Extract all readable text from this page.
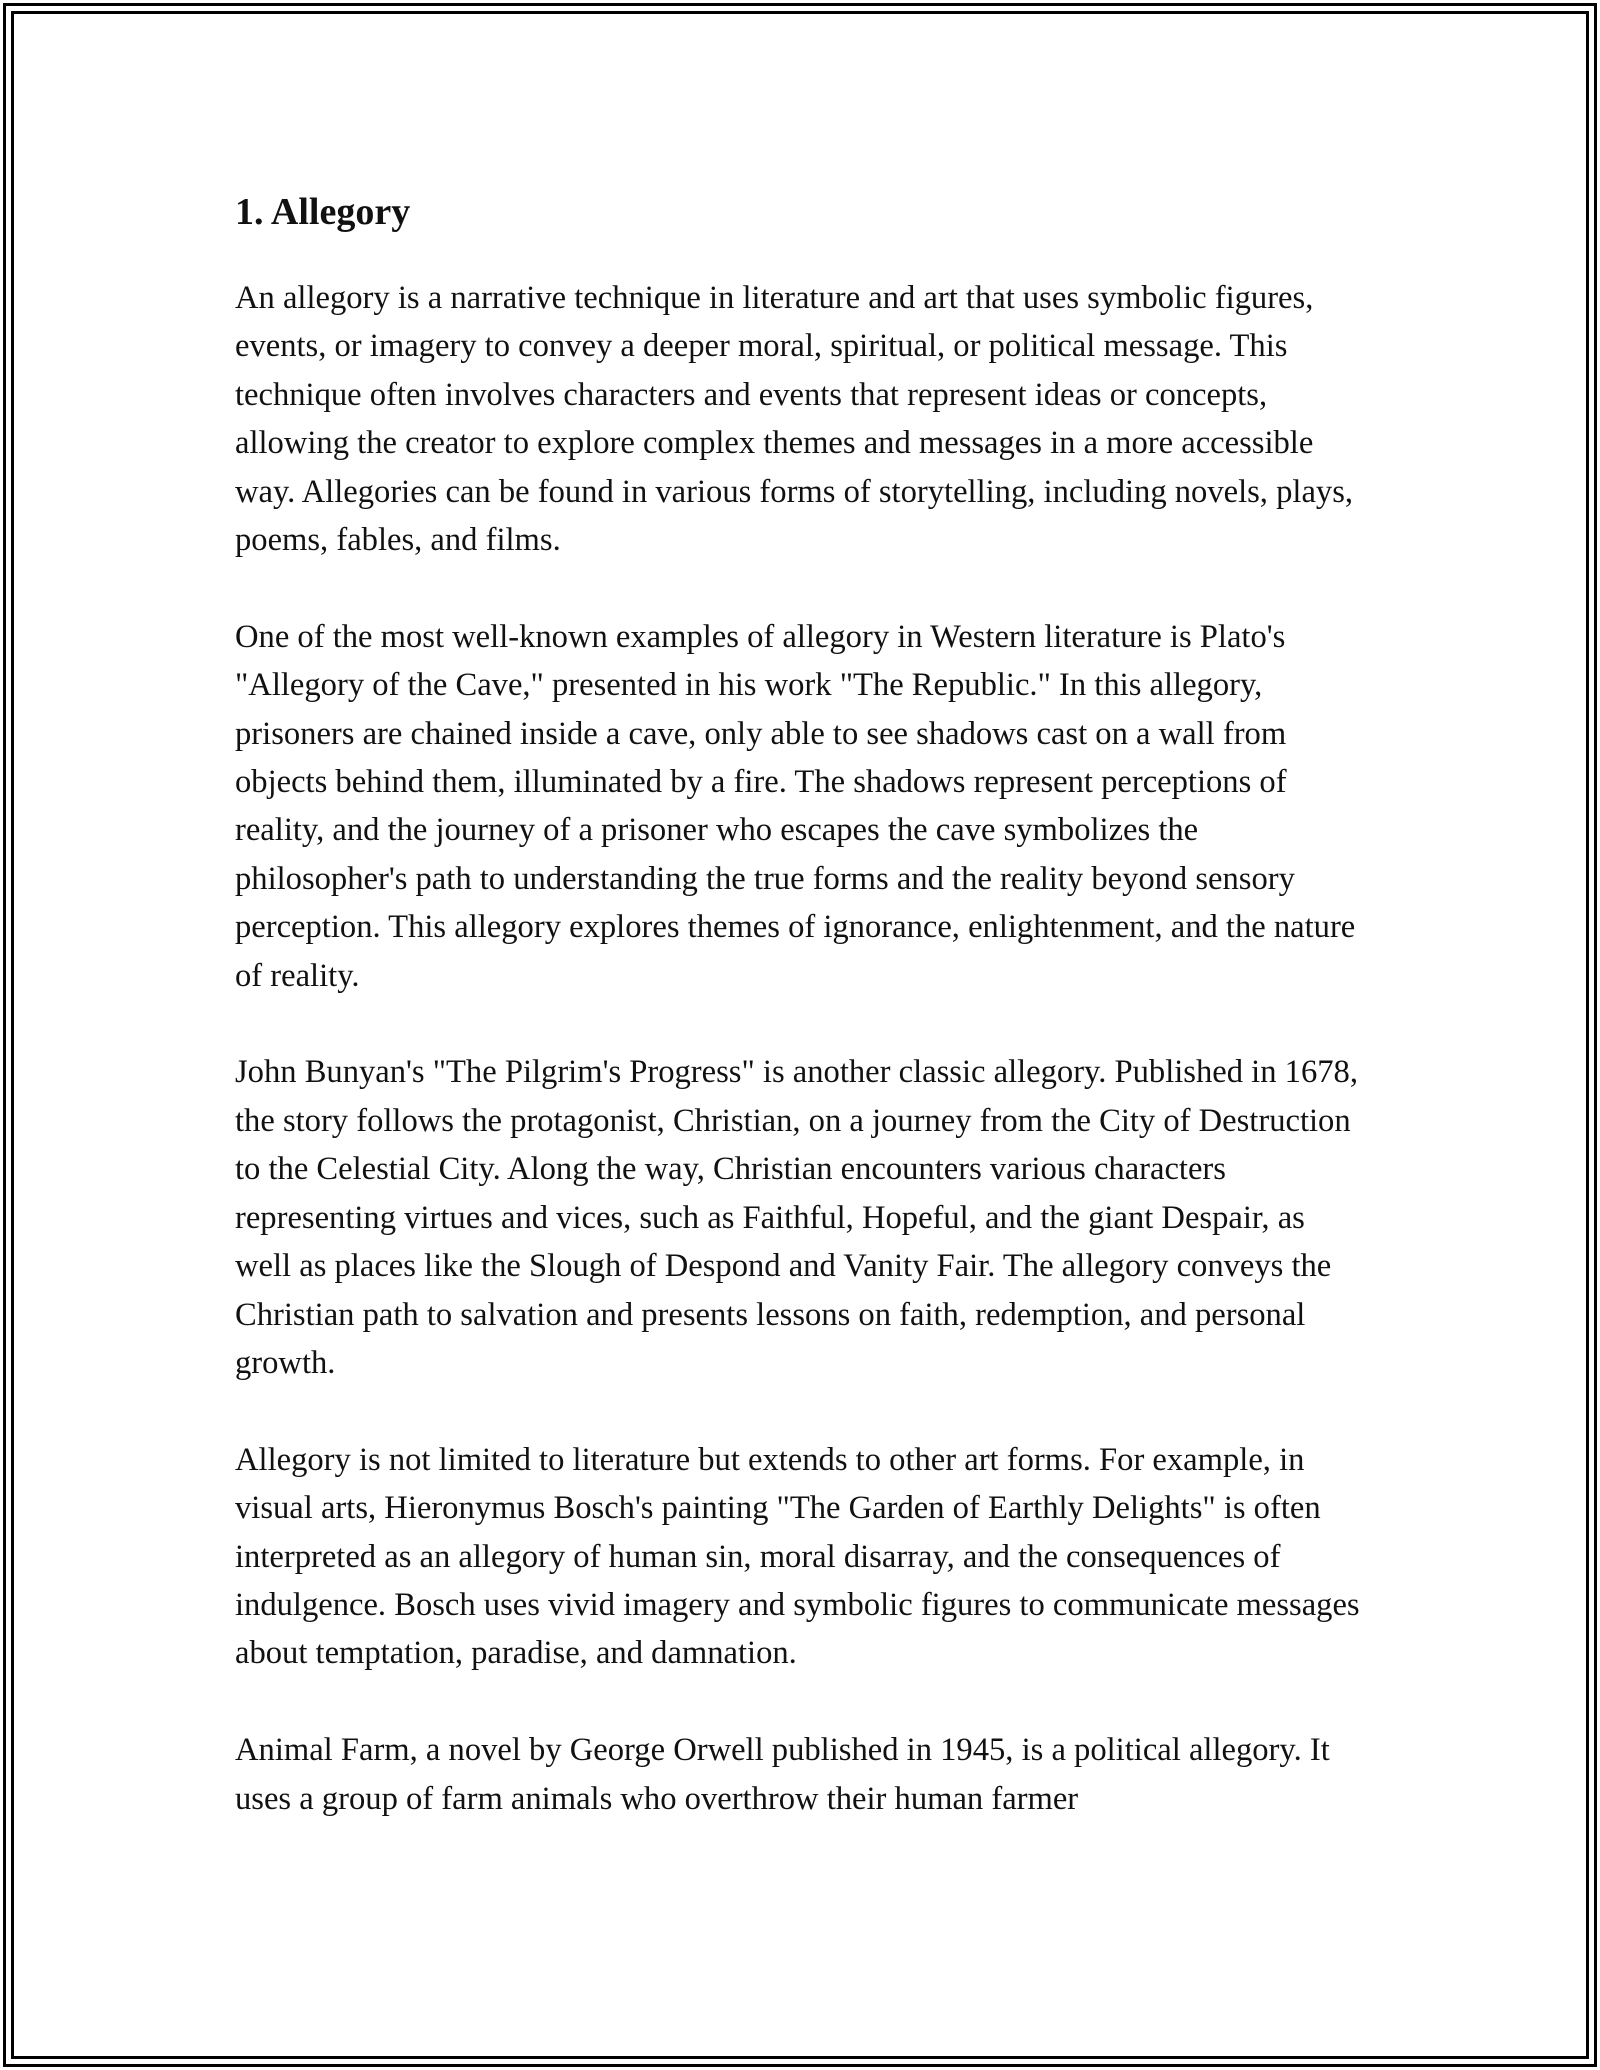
1. Allegory

An allegory is a narrative technique in literature and art that uses symbolic figures, events, or imagery to convey a deeper moral, spiritual, or political message. This technique often involves characters and events that represent ideas or concepts, allowing the creator to explore complex themes and messages in a more accessible way. Allegories can be found in various forms of storytelling, including novels, plays, poems, fables, and films.

One of the most well-known examples of allegory in Western literature is Plato's "Allegory of the Cave," presented in his work "The Republic." In this allegory, prisoners are chained inside a cave, only able to see shadows cast on a wall from objects behind them, illuminated by a fire. The shadows represent perceptions of reality, and the journey of a prisoner who escapes the cave symbolizes the philosopher's path to understanding the true forms and the reality beyond sensory perception. This allegory explores themes of ignorance, enlightenment, and the nature of reality.

John Bunyan's "The Pilgrim's Progress" is another classic allegory. Published in 1678, the story follows the protagonist, Christian, on a journey from the City of Destruction to the Celestial City. Along the way, Christian encounters various characters representing virtues and vices, such as Faithful, Hopeful, and the giant Despair, as well as places like the Slough of Despond and Vanity Fair. The allegory conveys the Christian path to salvation and presents lessons on faith, redemption, and personal growth.

Allegory is not limited to literature but extends to other art forms. For example, in visual arts, Hieronymus Bosch's painting "The Garden of Earthly Delights" is often interpreted as an allegory of human sin, moral disarray, and the consequences of indulgence. Bosch uses vivid imagery and symbolic figures to communicate messages about temptation, paradise, and damnation.

Animal Farm, a novel by George Orwell published in 1945, is a political allegory. It uses a group of farm animals who overthrow their human farmer
